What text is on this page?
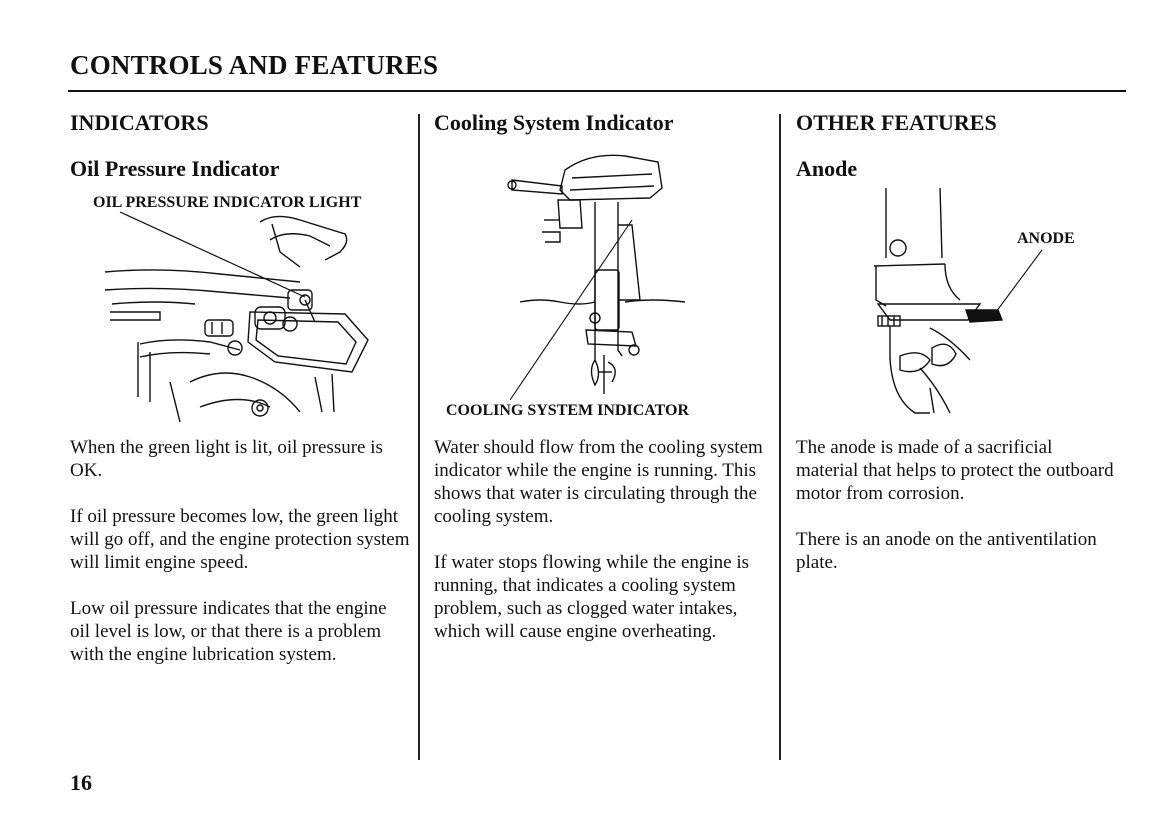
CONTROLS AND FEATURES
INDICATORS
Oil Pressure Indicator
OIL PRESSURE INDICATOR LIGHT

When the green light is lit, oil pressure is OK.

If oil pressure becomes low, the green light will go off, and the engine protection system will limit engine speed.

Low oil pressure indicates that the engine oil level is low, or that there is a problem with the engine lubrication system.

Cooling System Indicator
COOLING SYSTEM INDICATOR

Water should flow from the cooling system indicator while the engine is running. This shows that water is circulating through the cooling system.

If water stops flowing while the engine is running, that indicates a cooling system problem, such as clogged water intakes, which will cause engine overheating.

OTHER FEATURES
Anode
ANODE

The anode is made of a sacrificial material that helps to protect the outboard motor from corrosion.

There is an anode on the antiventilation plate.

16
